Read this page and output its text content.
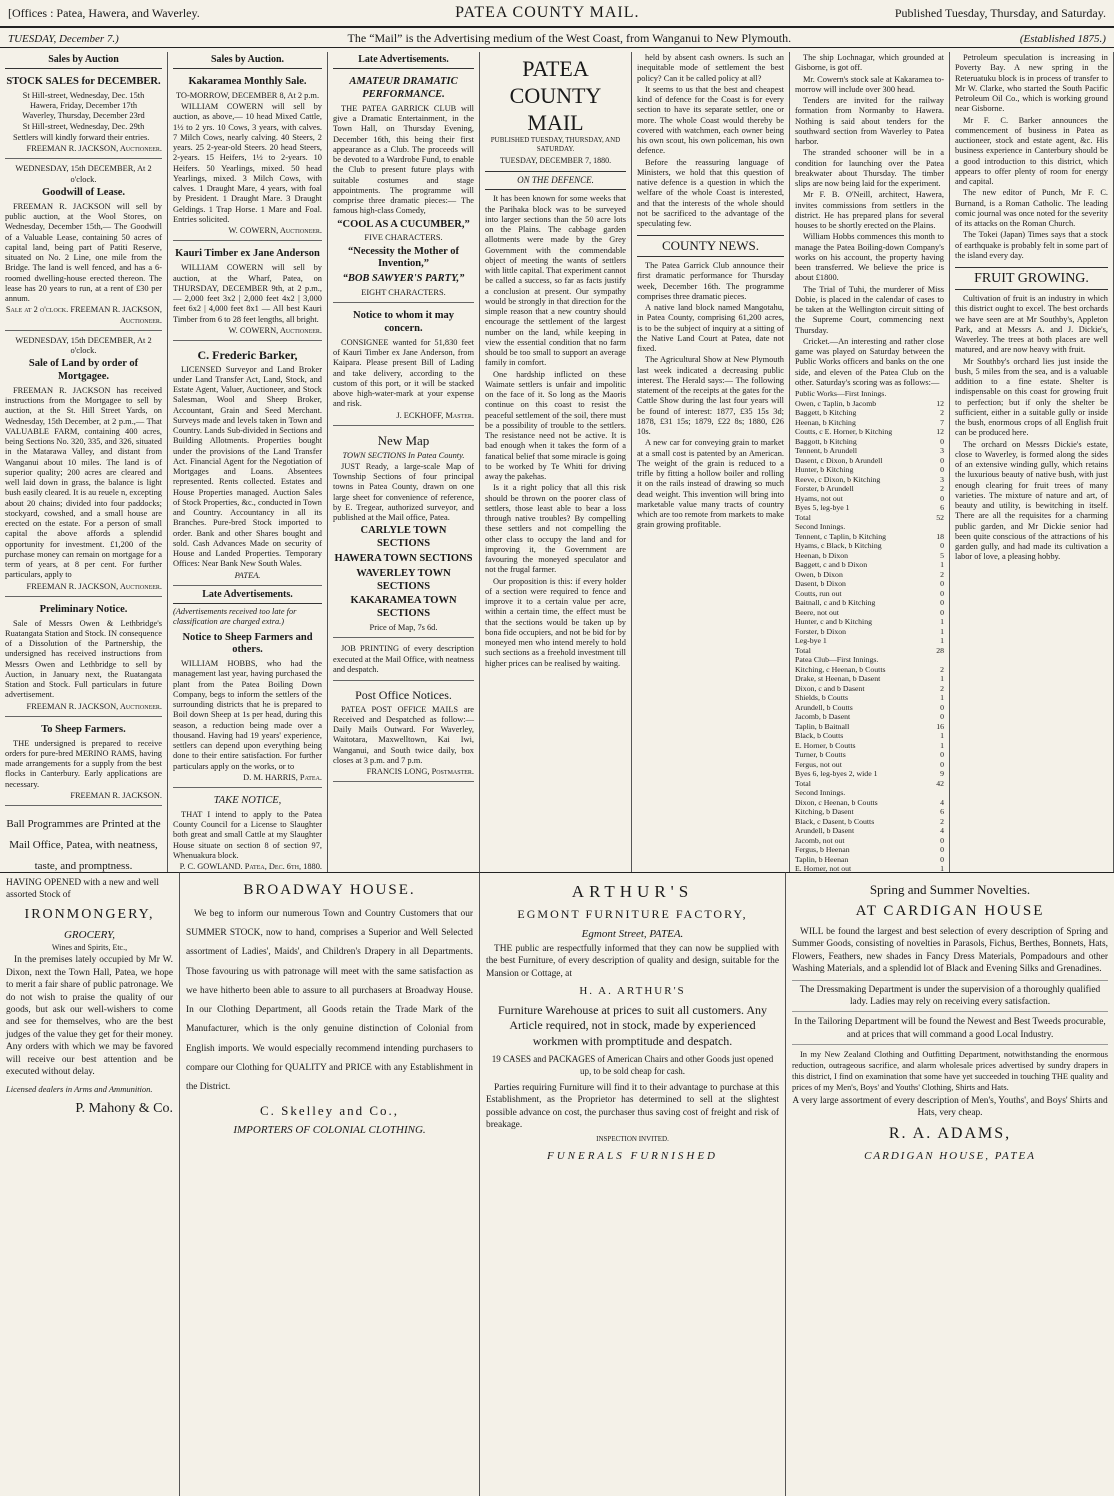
[Offices : Patea, Hawera, and Waverley.	PATEA COUNTY MAIL.	Published Tuesday, Thursday, and Saturday.
TUESDAY, December 7.)	The “Mail” is the Advertising medium of the West Coast, from Wanganui to New Plymouth.	(Established 1875.)
Sales by Auction
STOCK SALES for DECEMBER.
St Hill-street, Wednesday, Dec. 15th
Hawera, Friday, December 17th
Waverley, Thursday, December 23rd
St Hill-street, Wednesday, Dec. 29th

Settlers will kindly forward their entries.

FREEMAN R. JACKSON, Auctioneer.
WEDNESDAY, 15th DECEMBER, At 2 o'clock.
Goodwill of Lease.

FREEMAN R. JACKSON will sell by public auction, at the Wool Stores, on Wednesday, December 15th,— The Goodwill of a Valuable Lease, containing 50 acres of capital land, being part of Patiti Reserve, situated on No. 2 Line, one mile from the Bridge. The land is well fenced, and has a 6-roomed dwelling-house erected thereon. The lease has 20 years to run, at a rent of £30 per annum.

Sale at 2 o'clock. FREEMAN R. JACKSON, Auctioneer.
WEDNESDAY, 15th DECEMBER, At 2 o'clock.
Sale of Land by order of Mortgagee.

FREEMAN R. JACKSON has received instructions from the Mortgagee to sell by auction, at the St. Hill Street Yards, on Wednesday, 15th December, at 2 p.m.,— That VALUABLE FARM, containing 400 acres, being Sections No. 320, 335, and 326, situated in the Matarawa Valley, and distant from Wanganui about 10 miles. The land is of superior quality; 200 acres are cleared and well laid down in grass, the balance is light bush easily cleared. It is au reuele n, excepting about 20 chains; divided into four paddocks; stockyard, cowshed, and a small house are erected on the estate. For a person of small capital the above affords a splendid opportunity for investment. £1,200 of the purchase money can remain on mortgage for a term of years, at 8 per cent. For further particulars, apply to

FREEMAN R. JACKSON, Auctioneer.
Preliminary Notice.

Sale of Messrs Owen & Lethbridge's Ruatangata Station and Stock. IN consequence of a Dissolution of the Partnership, the undersigned has received instructions from Messrs Owen and Lethbridge to sell by Auction, in January next, the Ruatangata Station and Stock. Full particulars in future advertisement.

FREEMAN R. JACKSON, Auctioneer.
To Sheep Farmers.

THE undersigned is prepared to receive orders for pure-bred MERINO RAMS, having made arrangements for a supply from the best flocks in Canterbury. Early applications are necessary.

FREEMAN R. JACKSON.
Ball Programmes are Printed at the Mail Office, Patea, with neatness, taste, and promptness.

Sales by Auction.
Kakaramea Monthly Sale.
TO-MORROW, DECEMBER 8, At 2 p.m.

WILLIAM COWERN will sell by auction, as above,— 10 head Mixed Cattle, 1½ to 2 yrs. 10 Cows, 3 years, with calves. 7 Milch Cows, nearly calving. 40 Steers, 2 years. 25 2-year-old Steers. 20 head Steers, 2-years. 15 Heifers, 1½ to 2-years. 10 Heifers. 50 Yearlings, mixed. 50 head Yearlings, mixed. 3 Milch Cows, with calves. 1 Draught Mare, 4 years, with foal by President. 1 Draught Mare. 3 Draught Geldings. 1 Trap Horse. 1 Mare and Foal. Entries solicited.

W. COWERN, Auctioneer.
Kauri Timber ex Jane Anderson

WILLIAM COWERN will sell by auction, at the Wharf, Patea, on THURSDAY, DECEMBER 9th, at 2 p.m.,— 2,000 feet 3x2 | 2,000 feet 4x2 | 3,000 feet 6x2 | 4,000 feet 8x1 — All best Kauri Timber from 6 to 28 feet lengths, all bright.

W. COWERN, Auctioneer.
C. Frederic Barker,

LICENSED Surveyor and Land Broker under Land Transfer Act, Land, Stock, and Estate Agent, Valuer, Auctioneer, and Stock Salesman, Wool and Sheep Broker, Accountant, Grain and Seed Merchant. Surveys made and levels taken in Town and Country. Lands Sub-divided in Sections and Building Allotments. Properties bought under the provisions of the Land Transfer Act. Financial Agent for the Negotiation of Mortgages and Loans. Absentees represented. Rents collected. Estates and House Properties managed. Auction Sales of Stock Properties, &c., conducted in Town and Country. Accountancy in all its Branches. Pure-bred Stock imported to order. Bank and other Shares bought and sold. Cash Advances Made on security of House and Landed Properties. Temporary Offices: Near Bank New South Wales.

PATEA.
Late Advertisements.
(Advertisements received too late for classification are charged extra.)
Notice to Sheep Farmers and others.

WILLIAM HOBBS, who had the management last year, having purchased the plant from the Patea Boiling Down Company, begs to inform the settlers of the surrounding districts that he is prepared to Boil down Sheep at 1s per head, during this season, a reduction being made over a thousand. Having had 19 years' experience, settlers can depend upon everything being done to their entire satisfaction. For further particulars apply on the works, or to

D. M. HARRIS, Patea.
TAKE NOTICE,

THAT I intend to apply to the Patea County Council for a License to Slaughter both great and small Cattle at my Slaughter House situate on section 8 of section 97, Whenuakura block.

P. C. GOWLAND. Patea, Dec. 6th, 1880.

Late Advertisements.
AMATEUR DRAMATIC PERFORMANCE.

THE PATEA GARRICK CLUB will give a Dramatic Entertainment, in the Town Hall, on Thursday Evening, December 16th, this being their first appearance as a Club. The proceeds will be devoted to a Wardrobe Fund, to enable the Club to present future plays with suitable costumes and stage appointments. The programme will comprise three dramatic pieces:— The famous high-class Comedy,

“COOL AS A CUCUMBER,”
FIVE CHARACTERS.
“Necessity the Mother of Invention,”
“BOB SAWYER'S PARTY,”
EIGHT CHARACTERS.
Notice to whom it may concern.

CONSIGNEE wanted for 51,830 feet of Kauri Timber ex Jane Anderson, from Kaipara. Please present Bill of Lading and take delivery, according to the custom of this port, or it will be stacked above high-water-mark at your expense and risk.

J. ECKHOFF, Master.
New Map
TOWN SECTIONS In Patea County.

JUST Ready, a large-scale Map of Township Sections of four principal towns in Patea County, drawn on one large sheet for convenience of reference, by E. Tregear, authorized surveyor, and published at the Mail office, Patea.

CARLYLE TOWN SECTIONS
HAWERA TOWN SECTIONS
WAVERLEY TOWN SECTIONS
KAKARAMEA TOWN SECTIONS
Price of Map, 7s 6d.

JOB PRINTING of every description executed at the Mail Office, with neatness and despatch.

Post Office Notices.

PATEA POST OFFICE MAILS are Received and Despatched as follow:— Daily Mails Outward. For Waverley, Waitotara, Maxwelltown, Kai Iwi, Wanganui, and South twice daily, box closes at 3 p.m. and 7 p.m.

FRANCIS LONG, Postmaster.
PATEA COUNTY MAIL
PUBLISHED TUESDAY, THURSDAY, AND SATURDAY.
TUESDAY, DECEMBER 7, 1880.
ON THE DEFENCE.

It has been known for some weeks that the Parihaka block was to be surveyed into larger sections than the 50 acre lots on the Plains. The cabbage garden allotments were made by the Grey Government with the commendable object of meeting the wants of settlers with little capital. That experiment cannot be called a success, so far as facts justify a conclusion at present. Our sympathy would be strongly in that direction for the simple reason that a new country should encourage the settlement of the largest number on the land, while keeping in view the essential condition that no farm should be too small to support an average family in comfort.

One hardship inflicted on these Waimate settlers is unfair and impolitic on the face of it. So long as the Maoris continue on this coast to resist the peaceful settlement of the soil, there must be a possibility of trouble to the settlers. The resistance need not be active. It is bad enough when it takes the form of a fanatical belief that some miracle is going to be worked by Te Whiti for driving away the pakehas.

Is it a right policy that all this risk should be thrown on the poorer class of settlers, those least able to bear a loss through native troubles? By compelling these settlers and not compelling the other class to occupy the land and for improving it, the Government are favouring the moneyed speculator and not the frugal farmer.

Our proposition is this: if every holder of a section were required to fence and improve it to a certain value per acre, within a certain time, the effect must be that the sections would be taken up by bona fide occupiers, and not be bid for by moneyed men who intend merely to hold such sections as a freehold investment till higher prices can be realised by waiting.

held by absent cash owners. Is such an inequitable mode of settlement the best policy? Can it be called policy at all?

It seems to us that the best and cheapest kind of defence for the Coast is for every section to have its separate settler, one or more. The whole Coast would thereby be covered with watchmen, each owner being his own scout, his own policeman, his own defence.

Before the reassuring language of Ministers, we hold that this question of native defence is a question in which the welfare of the whole Coast is interested, and that the interests of the whole should not be sacrificed to the advantage of the speculating few.

COUNTY NEWS.

The Patea Garrick Club announce their first dramatic performance for Thursday week, December 16th. The programme comprises three dramatic pieces.

A native land block named Mangotahu, in Patea County, comprising 61,200 acres, is to be the subject of inquiry at a sitting of the Native Land Court at Patea, date not fixed.

The Agricultural Show at New Plymouth last week indicated a decreasing public interest. The Herald says:— The following statement of the receipts at the gates for the Cattle Show during the last four years will be found of interest: 1877, £35 15s 3d; 1878, £31 15s; 1879, £22 8s; 1880, £26 10s.

A new car for conveying grain to market at a small cost is patented by an American. The weight of the grain is reduced to a trifle by fitting a hollow boiler and rolling it on the rails instead of drawing so much dead weight. This invention will bring into marketable value many tracts of country which are too remote from markets to make grain growing profitable.

The ship Lochnagar, which grounded at Gisborne, is got off.

Mr. Cowern's stock sale at Kakaramea to-morrow will include over 300 head.

Tenders are invited for the railway formation from Normanby to Hawera. Nothing is said about tenders for the southward section from Waverley to Patea harbor.

The stranded schooner will be in a condition for launching over the Patea breakwater about Thursday. The timber slips are now being laid for the experiment.

Mr F. B. O'Neill, architect, Hawera, invites commissions from settlers in the district. He has prepared plans for several houses to be shortly erected on the Plains.

William Hobbs commences this month to manage the Patea Boiling-down Company's works on his account, the property having been transferred. We believe the price is about £1800.

The Trial of Tuhi, the murderer of Miss Dobie, is placed in the calendar of cases to be taken at the Wellington circuit sitting of the Supreme Court, commencing next Thursday.

Cricket.—An interesting and rather close game was played on Saturday between the Public Works officers and banks on the one side, and eleven of the Patea Club on the other. Saturday's scoring was as follows:—

Public Works—First Innings.
Owen, c Taplin, b Jacomb	12
Baggett, b Kitching	2
Heenan, b Kitching	7
Coutts, c E. Horner, b Kitching	12
Baggott, b Kitching	0
Tennent, b Arundell	3
Dasent, c Dixon, b Arundell	0
Hunter, b Kitching	0
Reeve, c Dixon, b Kitching	3
Forster, b Arundell	2
Hyams, not out	0
Byes 5, leg-bye 1	6
Total	52
Second Innings.
Tennent, c Taplin, b Kitching	18
Hyams, c Black, b Kitching	0
Heenan, b Dixon	5
Baggett, c and b Dixon	1
Owen, b Dixon	2
Dasent, b Dixon	0
Coutts, run out	0
Baitnall, c and b Kitching	0
Beere, not out	0
Hunter, c and b Kitching	1
Forster, b Dixon	1
Leg-bye 1	1
Total	28
Patea Club—First Innings.
Kitching, c Heenan, b Coutts	2
Drake, st Heenan, b Dasent	1
Dixon, c and b Dasent	2
Shields, b Coutts	1
Arundell, b Coutts	0
Jacomb, b Dasent	0
Taplin, b Baitnall	16
Black, b Coutts	1
E. Horner, b Coutts	1
Turner, b Coutts	0
Fergus, not out	0
Byes 6, leg-byes 2, wide 1	9
Total	42
Second Innings.
Dixon, c Heenan, b Coutts	4
Kitching, b Dasent	6
Black, c Dasent, b Coutts	2
Arundell, b Dasent	4
Jacomb, not out	0
Fergus, b Heenan	0
Taplin, b Heenan	0
E. Horner, not out	1

Petroleum speculation is increasing in Poverty Bay. A new spring in the Reteruatuku block is in process of transfer to Mr W. Clarke, who started the South Pacific Petroleum Oil Co., which is working ground near Gisborne.

Mr F. C. Barker announces the commencement of business in Patea as auctioneer, stock and estate agent, &c. His business experience in Canterbury should be a good introduction to this district, which appears to offer plenty of room for energy and capital.

The new editor of Punch, Mr F. C. Burnand, is a Roman Catholic. The leading comic journal was once noted for the severity of its attacks on the Roman Church.

The Tokei (Japan) Times says that a stock of earthquake is probably felt in some part of the island every day.

FRUIT GROWING.

Cultivation of fruit is an industry in which this district ought to excel. The best orchards we have seen are at Mr Southby's, Appleton Park, and at Messrs A. and J. Dickie's, Waverley. The trees at both places are well matured, and are now heavy with fruit.

Mr Southby's orchard lies just inside the bush, 5 miles from the sea, and is a valuable addition to a fine estate. Shelter is indispensable on this coast for growing fruit to perfection; but if only the shelter be sufficient, either in a suitable gully or inside the bush, enormous crops of all English fruit can be produced here.

The orchard on Messrs Dickie's estate, close to Waverley, is formed along the sides of an extensive winding gully, which retains the luxurious beauty of native bush, with just enough clearing for fruit trees of many varieties. The mixture of nature and art, of beauty and utility, is bewitching in itself. There are all the requisites for a charming public garden, and Mr Dickie senior had been quite conscious of the attractions of his garden gully, and had made its cultivation a labor of love, a pleasing hobby.

HAVING OPENED with a new and well assorted Stock of
IRONMONGERY,
GROCERY,
Wines and Spirits, Etc.,

In the premises lately occupied by Mr W. Dixon, next the Town Hall, Patea, we hope to merit a fair share of public patronage. We do not wish to praise the quality of our goods, but ask our well-wishers to come and see for themselves, who are the best judges of the value they get for their money. Any orders with which we may be favored will receive our best attention and be executed without delay.

Licensed dealers in Arms and Ammunition.
P. Mahony & Co.
BROADWAY HOUSE.

We beg to inform our numerous Town and Country Customers that our SUMMER STOCK, now to hand, comprises a Superior and Well Selected assortment of Ladies', Maids', and Children's Drapery in all Departments. Those favouring us with patronage will meet with the same satisfaction as we have hitherto been able to assure to all purchasers at Broadway House. In our Clothing Department, all Goods retain the Trade Mark of the Manufacturer, which is the only genuine distinction of Colonial from English imports. We would especially recommend intending purchasers to compare our Clothing for QUALITY and PRICE with any Establishment in the District.

C. Skelley and Co.,
IMPORTERS OF COLONIAL CLOTHING.
ARTHUR'S
EGMONT FURNITURE FACTORY,
Egmont Street, PATEA.

THE public are respectfully informed that they can now be supplied with the best Furniture, of every description of quality and design, suitable for the Mansion or Cottage, at

H. A. ARTHUR'S
Furniture Warehouse at prices to suit all customers. Any Article required, not in stock, made by experienced workmen with promptitude and despatch.
19 CASES and PACKAGES of American Chairs and other Goods just opened up, to be sold cheap for cash.

Parties requiring Furniture will find it to their advantage to purchase at this Establishment, as the Proprietor has determined to sell at the slightest possible advance on cost, the purchaser thus saving cost of freight and risk of breakage.

INSPECTION INVITED.
FUNERALS FURNISHED
Spring and Summer Novelties.
AT CARDIGAN HOUSE

WILL be found the largest and best selection of every description of Spring and Summer Goods, consisting of novelties in Parasols, Fichus, Berthes, Bonnets, Hats, Flowers, Feathers, new shades in Fancy Dress Materials, Pompadours and other Washing Materials, and a splendid lot of Black and Evening Silks and Grenadines.

The Dressmaking Department is under the supervision of a thoroughly qualified lady. Ladies may rely on receiving every satisfaction.
In the Tailoring Department will be found the Newest and Best Tweeds procurable, and at prices that will command a good Local Industry.

In my New Zealand Clothing and Outfitting Department, notwithstanding the enormous reduction, outrageous sacrifice, and alarm wholesale prices advertised by sundry drapers in this district, I find on examination that some have yet succeeded in touching THE quality and prices of my Men's, Boys' and Youths' Clothing, Shirts and Hats.

A very large assortment of every description of Men's, Youths', and Boys' Shirts and Hats, very cheap.
R. A. ADAMS,
CARDIGAN HOUSE, PATEA
